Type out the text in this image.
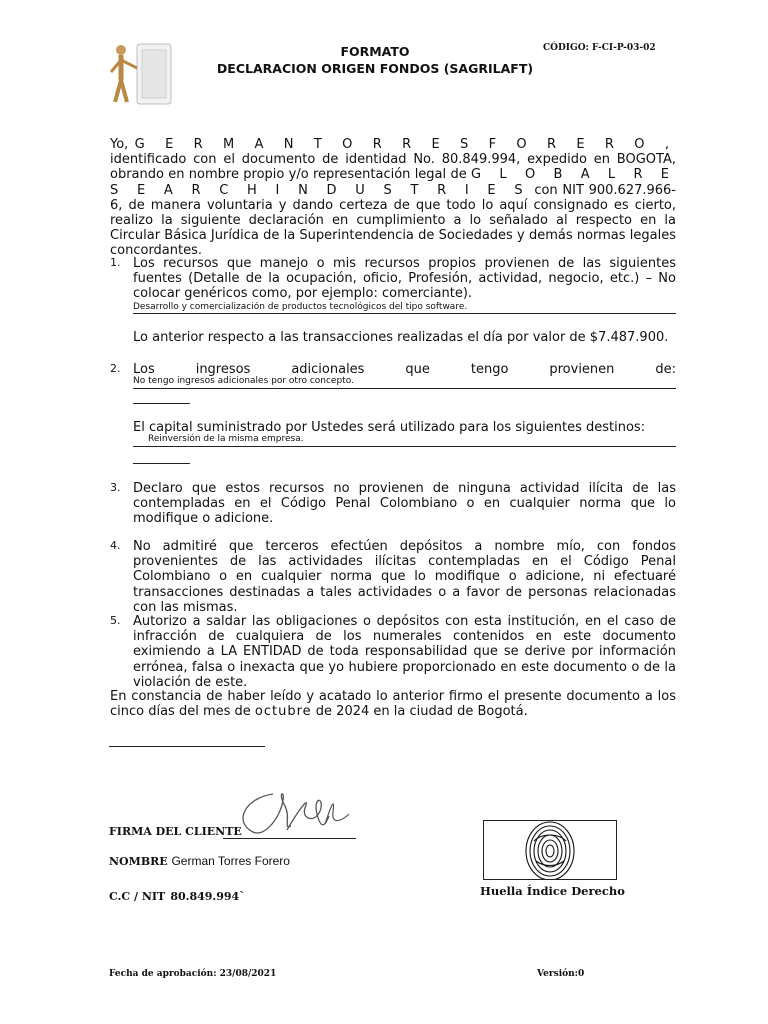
FORMATO
DECLARACION ORIGEN FONDOS (SAGRILAFT)
CÓDIGO: F-CI-P-03-02
Yo, G E R M A N T O R R E S F O R E R O , identificado con el documento de identidad No. 80.849.994, expedido en BOGOTA, obrando en nombre propio y/o representación legal de G L O B A L R E S E A R C H I N D U S T R I E S con NIT 900.627.966-6, de manera voluntaria y dando certeza de que todo lo aquí consignado es cierto, realizo la siguiente declaración en cumplimiento a lo señalado al respecto en la Circular Básica Jurídica de la Superintendencia de Sociedades y demás normas legales concordantes.
1. Los recursos que manejo o mis recursos propios provienen de las siguientes fuentes (Detalle de la ocupación, oficio, Profesión, actividad, negocio, etc.) – No colocar genéricos como, por ejemplo: comerciante).
Desarrollo y comercialización de productos tecnológicos del tipo software.
Lo anterior respecto a las transacciones realizadas el día por valor de $7.487.900.
2. Los ingresos adicionales que tengo provienen de:
No tengo ingresos adicionales por otro concepto.
El capital suministrado por Ustedes será utilizado para los siguientes destinos:
Reinversión de la misma empresa.
3. Declaro que estos recursos no provienen de ninguna actividad ilícita de las contempladas en el Código Penal Colombiano o en cualquier norma que lo modifique o adicione.
4. No admitiré que terceros efectúen depósitos a nombre mío, con fondos provenientes de las actividades ilícitas contempladas en el Código Penal Colombiano o en cualquier norma que lo modifique o adicione, ni efectuaré transacciones destinadas a tales actividades o a favor de personas relacionadas con las mismas.
5. Autorizo a saldar las obligaciones o depósitos con esta institución, en el caso de infracción de cualquiera de los numerales contenidos en este documento eximiendo a LA ENTIDAD de toda responsabilidad que se derive por información errónea, falsa o inexacta que yo hubiere proporcionado en este documento o de la violación de este.
En constancia de haber leído y acatado lo anterior firmo el presente documento a los cinco días del mes de octubre de 2024 en la ciudad de Bogotá.
FIRMA DEL CLIENTE
NOMBRE German Torres Forero
C.C / NIT 80.849.994`	Huella Índice Derecho
Fecha de aprobación: 23/08/2021	Versión:0
